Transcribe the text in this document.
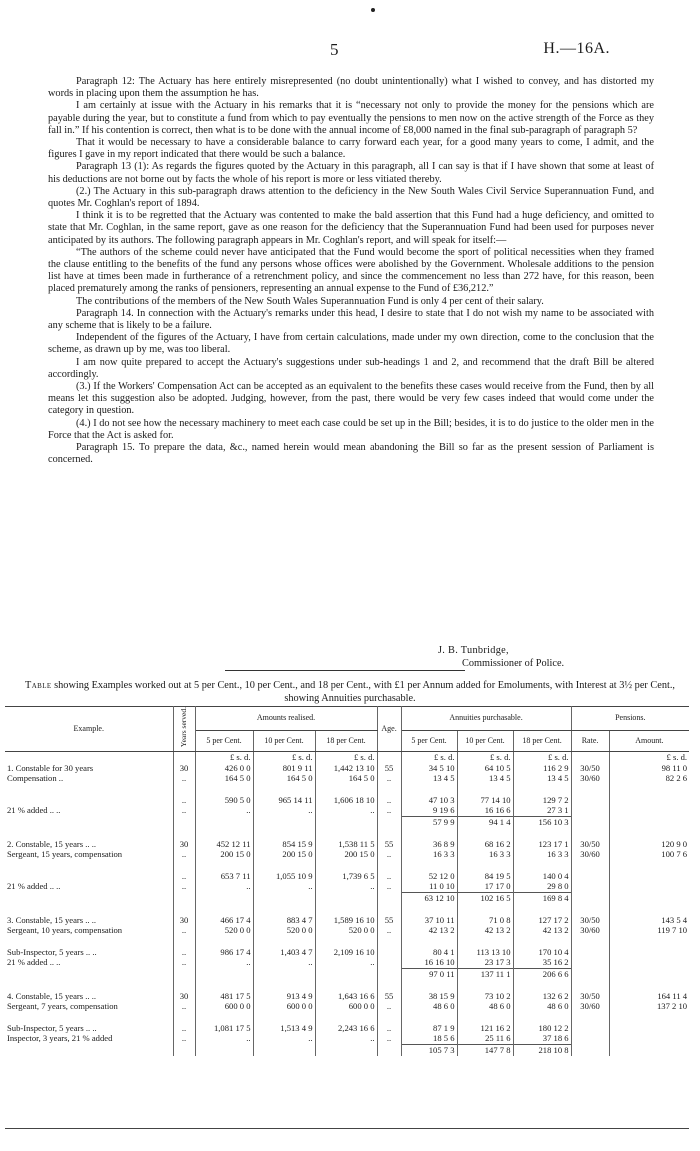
5	H.—16A.

Paragraph 12: The Actuary has here entirely misrepresented (no doubt unintentionally) what I wished to convey, and has distorted my words in placing upon them the assumption he has.

I am certainly at issue with the Actuary in his remarks that it is “necessary not only to provide the money for the pensions which are payable during the year, but to constitute a fund from which to pay eventually the pensions to men now on the active strength of the Force as they fall in.” If his contention is correct, then what is to be done with the annual income of £8,000 named in the final sub-paragraph of paragraph 5?

That it would be necessary to have a considerable balance to carry forward each year, for a good many years to come, I admit, and the figures I gave in my report indicated that there would be such a balance.

Paragraph 13 (1): As regards the figures quoted by the Actuary in this paragraph, all I can say is that if I have shown that some at least of his deductions are not borne out by facts the whole of his report is more or less vitiated thereby.

(2.) The Actuary in this sub-paragraph draws attention to the deficiency in the New South Wales Civil Service Superannuation Fund, and quotes Mr. Coghlan's report of 1894.

I think it is to be regretted that the Actuary was contented to make the bald assertion that this Fund had a huge deficiency, and omitted to state that Mr. Coghlan, in the same report, gave as one reason for the deficiency that the Superannuation Fund had been used for purposes never anticipated by its authors. The following paragraph appears in Mr. Coghlan's report, and will speak for itself:—

“The authors of the scheme could never have anticipated that the Fund would become the sport of political necessities when they framed the clause entitling to the benefits of the fund any persons whose offices were abolished by the Government. Wholesale additions to the pension list have at times been made in furtherance of a retrenchment policy, and since the commencement no less than 272 have, for this reason, been placed prematurely among the ranks of pensioners, representing an annual expense to the Fund of £36,212.”

The contributions of the members of the New South Wales Superannuation Fund is only 4 per cent of their salary.

Paragraph 14. In connection with the Actuary's remarks under this head, I desire to state that I do not wish my name to be associated with any scheme that is likely to be a failure.

Independent of the figures of the Actuary, I have from certain calculations, made under my own direction, come to the conclusion that the scheme, as drawn up by me, was too liberal.

I am now quite prepared to accept the Actuary's suggestions under sub-headings 1 and 2, and recommend that the draft Bill be altered accordingly.

(3.) If the Workers' Compensation Act can be accepted as an equivalent to the benefits these cases would receive from the Fund, then by all means let this suggestion also be adopted. Judging, however, from the past, there would be very few cases indeed that would come under the category in question.

(4.) I do not see how the necessary machinery to meet each case could be set up in the Bill; besides, it is to do justice to the older men in the Force that the Act is asked for.

Paragraph 15. To prepare the data, &c., named herein would mean abandoning the Bill so far as the present session of Parliament is concerned.

J. B. Tunbridge,
Commissioner of Police.
Table showing Examples worked out at 5 per Cent., 10 per Cent., and 18 per Cent., with £1 per Annum added for Emoluments, with Interest at 3½ per Cent., showing Annuities purchasable.
Example.	Years served.	Amounts realised.			Age.	Annuities purchasable.			Pensions.	
		5 per Cent.	10 per Cent.	18 per Cent.		5 per Cent.	10 per Cent.	18 per Cent.	Rate.	Amount.
		£ s. d.	£ s. d.	£ s. d.		£ s. d.	£ s. d.	£ s. d.		£ s. d.
1. Constable for 30 years	30	426 0 0	801 9 11	1,442 13 10	55	34 5 10	64 10 5	116 2 9	30/50	98 11 0
Compensation ..	..	164 5 0	164 5 0	164 5 0	..	13 4 5	13 4 5	13 4 5	30/60	82 2 6

	..	590 5 0	965 14 11	1,606 18 10	..	47 10 3	77 14 10	129 7 2		
21 % added .. ..	..	..	..	..	..	9 19 6	16 16 6	27 3 1		
						57 9 9	94 1 4	156 10 3		

2. Constable, 15 years .. ..	30	452 12 11	854 15 9	1,538 11 5	55	36 8 9	68 16 2	123 17 1	30/50	120 9 0
Sergeant, 15 years, compensation	..	200 15 0	200 15 0	200 15 0	..	16 3 3	16 3 3	16 3 3	30/60	100 7 6

	..	653 7 11	1,055 10 9	1,739 6 5	..	52 12 0	84 19 5	140 0 4		
21 % added .. ..	..	..	..	..	..	11 0 10	17 17 0	29 8 0		
						63 12 10	102 16 5	169 8 4		

3. Constable, 15 years .. ..	30	466 17 4	883 4 7	1,589 16 10	55	37 10 11	71 0 8	127 17 2	30/50	143 5 4
Sergeant, 10 years, compensation	..	520 0 0	520 0 0	520 0 0	..	42 13 2	42 13 2	42 13 2	30/60	119 7 10

Sub-Inspector, 5 years .. ..	..	986 17 4	1,403 4 7	2,109 16 10		80 4 1	113 13 10	170 10 4		
21 % added .. ..	..	..	..	..		16 16 10	23 17 3	35 16 2		
						97 0 11	137 11 1	206 6 6		

4. Constable, 15 years .. ..	30	481 17 5	913 4 9	1,643 16 6	55	38 15 9	73 10 2	132 6 2	30/50	164 11 4
Sergeant, 7 years, compensation	..	600 0 0	600 0 0	600 0 0	..	48 6 0	48 6 0	48 6 0	30/60	137 2 10

Sub-Inspector, 5 years .. ..	..	1,081 17 5	1,513 4 9	2,243 16 6	..	87 1 9	121 16 2	180 12 2		
Inspector, 3 years, 21 % added	..	..	..	..	..	18 5 6	25 11 6	37 18 6		
						105 7 3	147 7 8	218 10 8		
